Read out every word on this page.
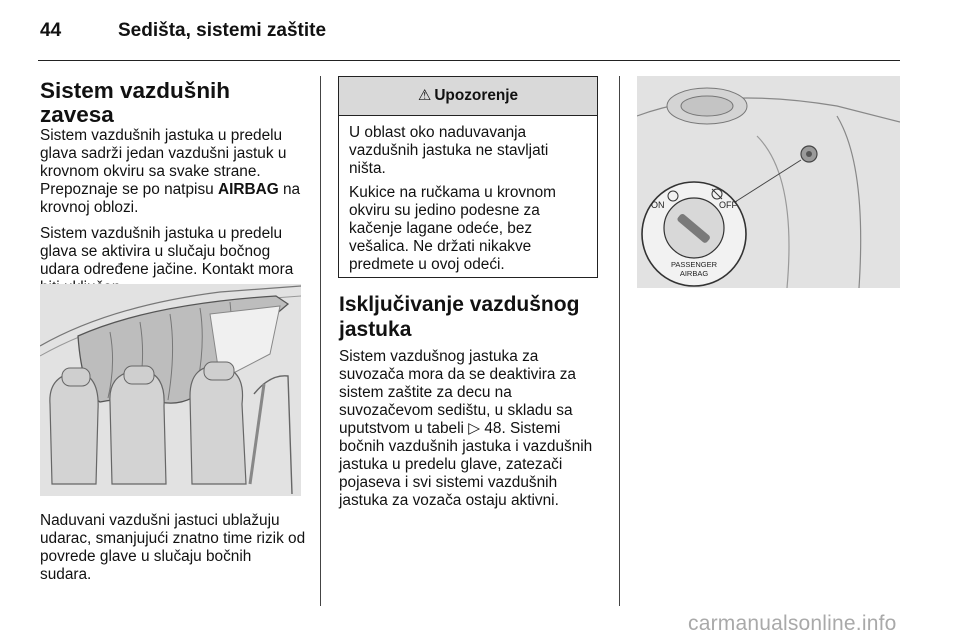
44	Sedišta, sistemi zaštite
Sistem vazdušnih zavesa

Sistem vazdušnih jastuka u predelu glava sadrži jedan vazdušni jastuk u krovnom okviru sa svake strane. Prepoznaje se po natpisu AIRBAG na krovnoj oblozi.

Sistem vazdušnih jastuka u predelu glava se aktivira u slučaju bočnog udara određene jačine. Kontakt mora

Naduvani vazdušni jastuci ublažuju udarac, smanjujući znatno time rizik od povrede glave u slučaju bočnih sudara.

⚠ Upozorenje

U oblast oko naduvavanja vazdušnih jastuka ne stavljati ništa.

Kukice na ručkama u krovnom okviru su jedino podesne za kačenje lagane odeće, bez vešalica. Ne držati nikakve predmete u ovoj odeći.

Isključivanje vazdušnog jastuka

Sistem vazdušnog jastuka za suvozača mora da se deaktivira za sistem zaštite za decu na suvozačevom sedištu, u skladu sa uputstvom u tabeli ▷ 48. Sistemi bočnih vazdušnih jastuka i vazdušnih jastuka u predelu glave, zatezači pojaseva i svi sistemi vazdušnih jastuka za vozača ostaju aktivni.

ON	OFF
PASSENGER
AIRBAG
carmanualsonline.info
